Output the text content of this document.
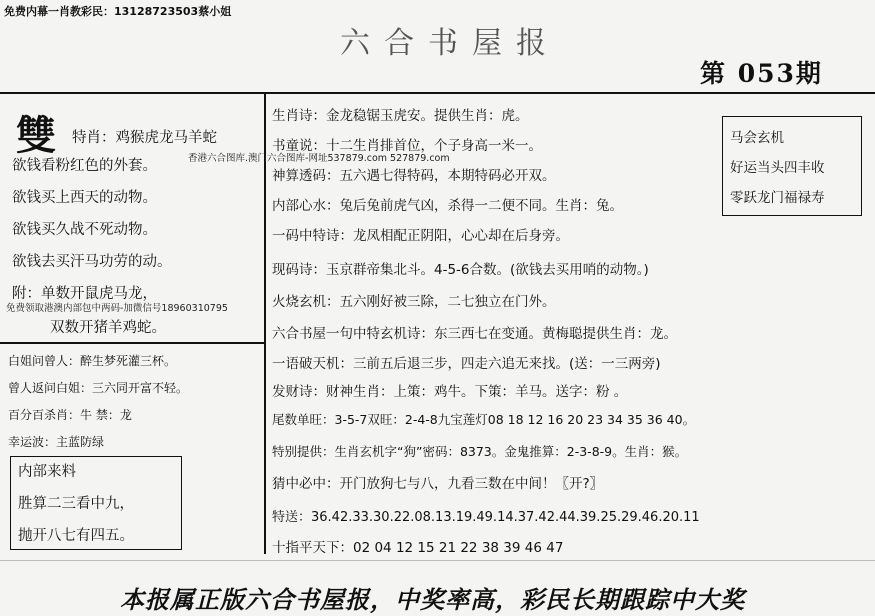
免费内幕一肖教彩民：13128723503蔡小姐
六合书屋报
第 053期
雙 特肖：鸡猴虎龙马羊蛇
欲钱看粉红色的外套。
欲钱买上西天的动物。
欲钱买久战不死动物。
欲钱去买汗马功劳的动。
附：单数开鼠虎马龙，
免费领取港澳内部包中两码-加微信号18960310795
双数开猪羊鸡蛇。
白姐问曾人：醉生梦死灌三杯。
曾人返问白姐：三六同开富不轻。
百分百杀肖：牛 禁：龙
幸运波：主蓝防绿
内部来料
胜算二三看中九，
抛开八七有四五。
香港六合图库.澳门六合图库-网址537879.com 527879.com
生肖诗：金龙稳锯玉虎安。提供生肖：虎。
书童说：十二生肖排首位，个子身高一米一。
神算透码：五六遇七得特码，本期特码必开双。
内部心水：兔后兔前虎气凶，杀得一二便不同。生肖：兔。
一码中特诗：龙凤相配正阴阳，心心却在后身旁。
现码诗：玉京群帝集北斗。4-5-6合数。(欲钱去买用哨的动物。)
火烧玄机：五六刚好被三除，二七独立在门外。
六合书屋一句中特玄机诗：东三西七在变通。黄梅聪提供生肖：龙。
一语破天机：三前五后退三步，四走六追无来找。(送：一三两旁)
发财诗：财神生肖：上策：鸡牛。下策：羊马。送字：粉 。
尾数单旺：3-5-7双旺：2-4-8九宝莲灯08 18 12 16 20 23 34 35 36 40。
特别提供：生肖玄机字“狗”密码：8373。金鬼推算：2-3-8-9。生肖：猴。
猜中必中：开门放狗七与八，九看三数在中间！〖开?〗
特送：36.42.33.30.22.08.13.19.49.14.37.42.44.39.25.29.46.20.11
十指平天下：02 04 12 15 21 22 38 39 46 47
马会玄机
好运当头四丰收
零跃龙门福禄寿
本报属正版六合书屋报，中奖率高，彩民长期跟踪中大奖
